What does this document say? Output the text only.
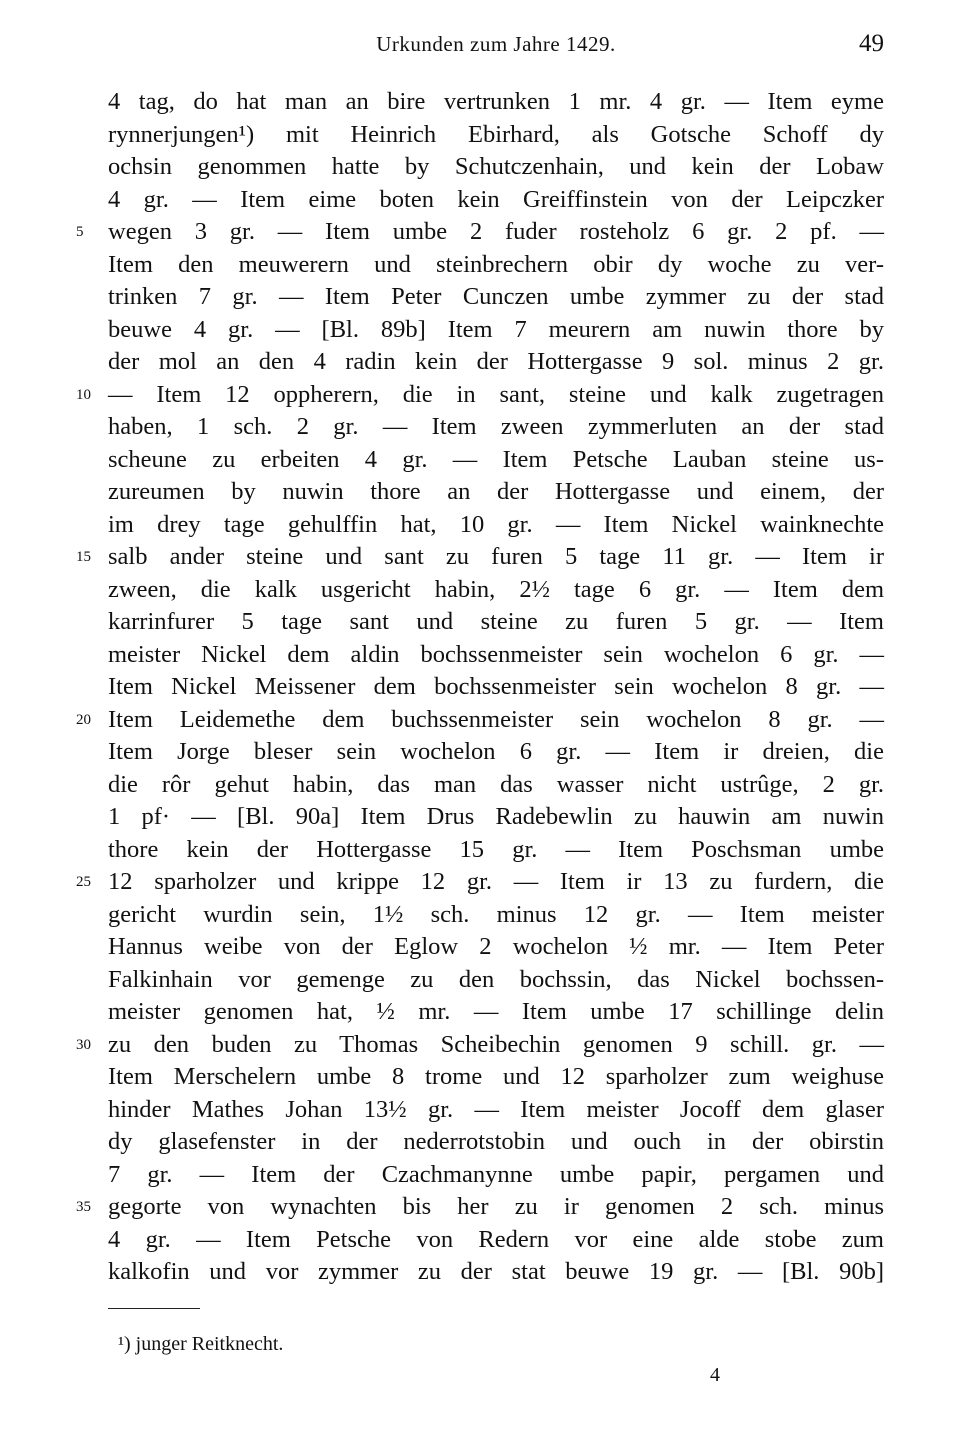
Urkunden zum Jahre 1429.	49
4 tag, do hat man an bire vertrunken 1 mr. 4 gr. — Item eyme
rynnerjungen¹) mit Heinrich Ebirhard, als Gotsche Schoff dy
ochsin genommen hatte by Schutczenhain, und kein der Lobaw
4 gr. — Item eime boten kein Greiffinstein von der Leipczker
5	wegen 3 gr. — Item umbe 2 fuder rosteholz 6 gr. 2 pf. —
Item den meuwerern und steinbrechern obir dy woche zu ver-
trinken 7 gr. — Item Peter Cunczen umbe zymmer zu der stad
beuwe 4 gr. — [Bl. 89b] Item 7 meurern am nuwin thore by
der mol an den 4 radin kein der Hottergasse 9 sol. minus 2 gr.
10 — Item 12 oppherern, die in sant, steine und kalk zugetragen
haben, 1 sch. 2 gr. — Item zween zymmerluten an der stad
scheune zu erbeiten 4 gr. — Item Petsche Lauban steine us-
zureumen by nuwin thore an der Hottergasse und einem, der
im drey tage gehulffin hat, 10 gr. — Item Nickel wainknechte
15 salb ander steine und sant zu furen 5 tage 11 gr. — Item ir
zween, die kalk usgericht habin, 2½ tage 6 gr. — Item dem
karrinfurer 5 tage sant und steine zu furen 5 gr. — Item
meister Nickel dem aldin bochssenmeister sein wochelon 6 gr. —
Item Nickel Meissener dem bochssenmeister sein wochelon 8 gr. —
20 Item Leidemethe dem buchssenmeister sein wochelon 8 gr. —
Item Jorge bleser sein wochelon 6 gr. — Item ir dreien, die
die rôr gehut habin, das man das wasser nicht ustrûge, 2 gr.
1 pf· — [Bl. 90a] Item Drus Radebewlin zu hauwin am nuwin
thore kein der Hottergasse 15 gr. — Item Poschsman umbe
25 12 sparholzer und krippe 12 gr. — Item ir 13 zu furdern, die
gericht wurdin sein, 1½ sch. minus 12 gr. — Item meister
Hannus weibe von der Eglow 2 wochelon ½ mr. — Item Peter
Falkinhain vor gemenge zu den bochssin, das Nickel bochssen-
meister genomen hat, ½ mr. — Item umbe 17 schillinge delin
30 zu den buden zu Thomas Scheibechin genomen 9 schill. gr. —
Item Merschelern umbe 8 trome und 12 sparholzer zum weighuse
hinder Mathes Johan 13½ gr. — Item meister Jocoff dem glaser
dy glasefenster in der nederrotstobin und ouch in der obirstin
7 gr. — Item der Czachmanynne umbe papir, pergamen und
35 gegorte von wynachten bis her zu ir genomen 2 sch. minus
4 gr. — Item Petsche von Redern vor eine alde stobe zum
kalkofin und vor zymmer zu der stat beuwe 19 gr. — [Bl. 90b]
¹) junger Reitknecht.
4
